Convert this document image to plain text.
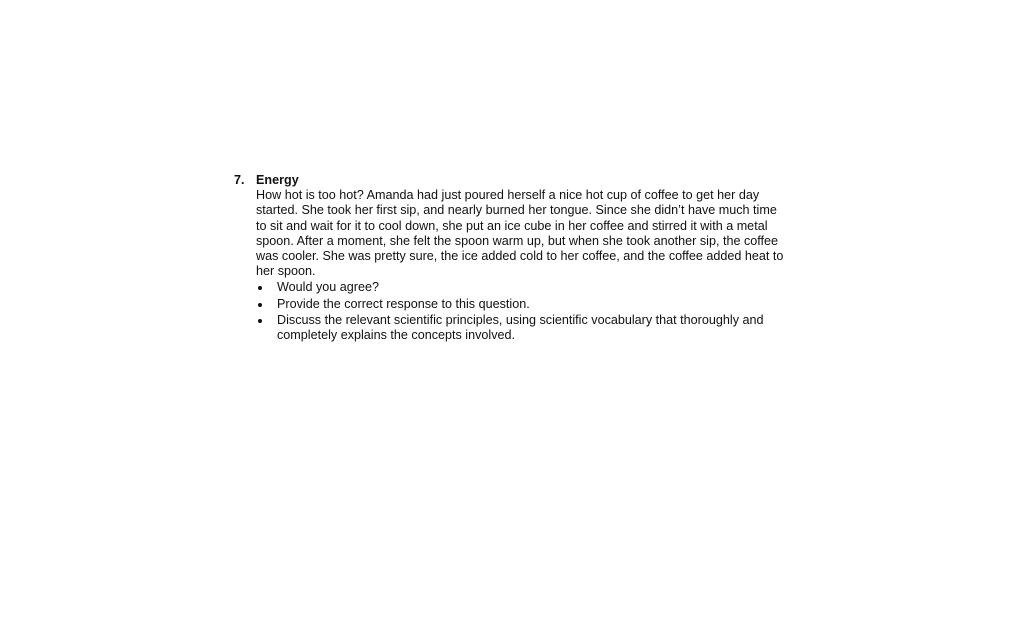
7. Energy

How hot is too hot? Amanda had just poured herself a nice hot cup of coffee to get her day started. She took her first sip, and nearly burned her tongue. Since she didn’t have much time to sit and wait for it to cool down, she put an ice cube in her coffee and stirred it with a metal spoon. After a moment, she felt the spoon warm up, but when she took another sip, the coffee was cooler. She was pretty sure, the ice added cold to her coffee, and the coffee added heat to her spoon.

Would you agree?
Provide the correct response to this question.
Discuss the relevant scientific principles, using scientific vocabulary that thoroughly and completely explains the concepts involved.
